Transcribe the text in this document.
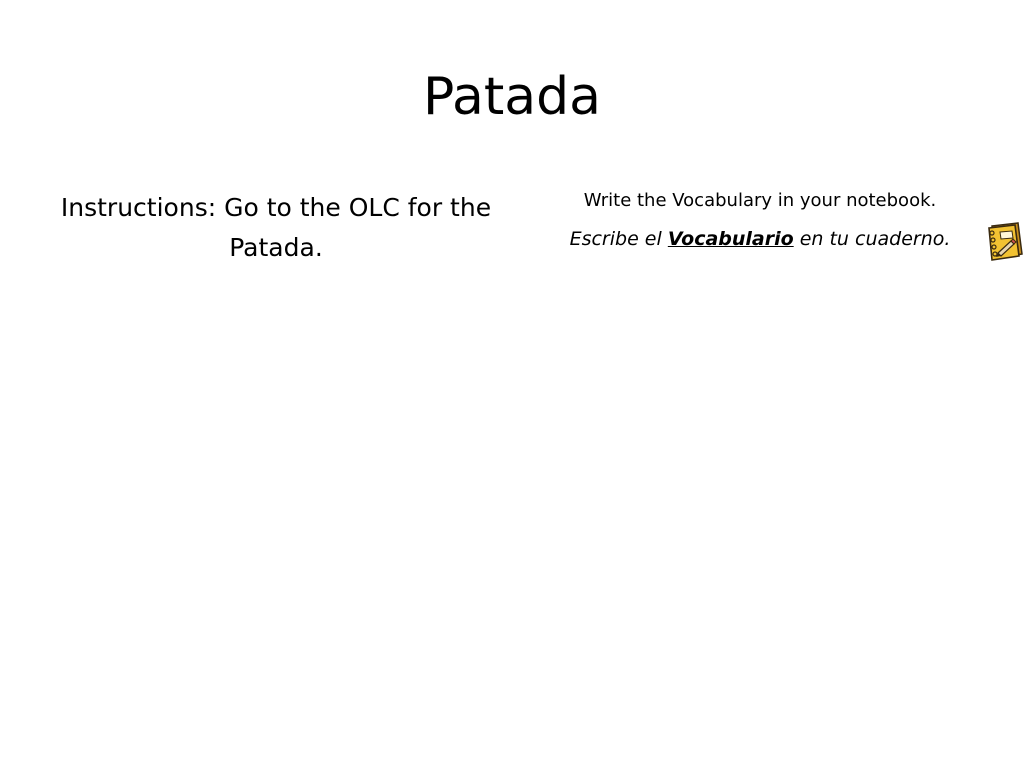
Patada
Instructions: Go to the OLC for the Patada.
Write the Vocabulary in your notebook.
Escribe el Vocabulario en tu cuaderno.
